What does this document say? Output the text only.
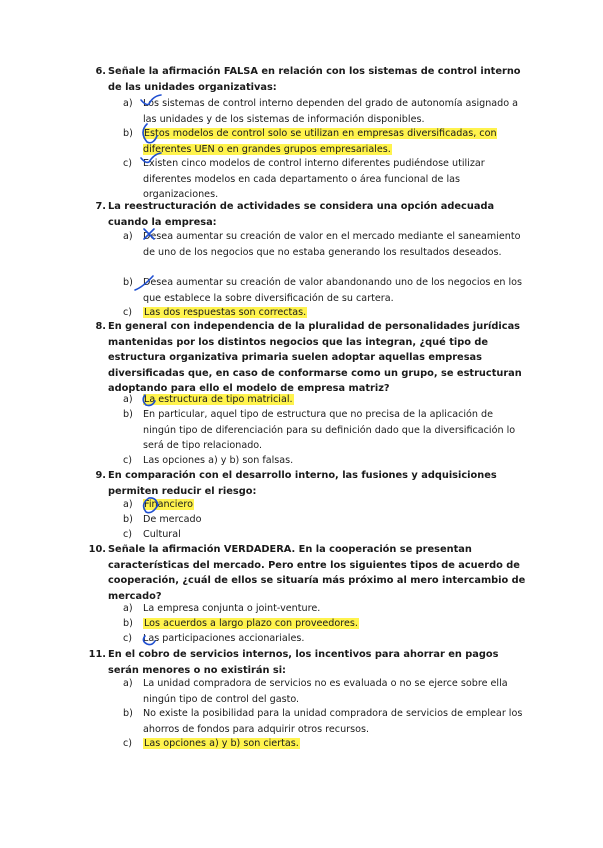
6. Señale la afirmación FALSA en relación con los sistemas de control interno de las unidades organizativas:
a) Los sistemas de control interno dependen del grado de autonomía asignado a las unidades y de los sistemas de información disponibles.
b) Estos modelos de control solo se utilizan en empresas diversificadas, con diferentes UEN o en grandes grupos empresariales.
c) Existen cinco modelos de control interno diferentes pudiéndose utilizar diferentes modelos en cada departamento o área funcional de las organizaciones.
7. La reestructuración de actividades se considera una opción adecuada cuando la empresa:
a) Desea aumentar su creación de valor en el mercado mediante el saneamiento de uno de los negocios que no estaba generando los resultados deseados.
b) Desea aumentar su creación de valor abandonando uno de los negocios en los que establece la sobre diversificación de su cartera.
c) Las dos respuestas son correctas.
8. En general con independencia de la pluralidad de personalidades jurídicas mantenidas por los distintos negocios que las integran, ¿qué tipo de estructura organizativa primaria suelen adoptar aquellas empresas diversificadas que, en caso de conformarse como un grupo, se estructuran adoptando para ello el modelo de empresa matriz?
a) La estructura de tipo matricial.
b) En particular, aquel tipo de estructura que no precisa de la aplicación de ningún tipo de diferenciación para su definición dado que la diversificación lo será de tipo relacionado.
c) Las opciones a) y b) son falsas.
9. En comparación con el desarrollo interno, las fusiones y adquisiciones permiten reducir el riesgo:
a) Financiero
b) De mercado
c) Cultural
10. Señale la afirmación VERDADERA. En la cooperación se presentan características del mercado. Pero entre los siguientes tipos de acuerdo de cooperación, ¿cuál de ellos se situaría más próximo al mero intercambio de mercado?
a) La empresa conjunta o joint-venture.
b) Los acuerdos a largo plazo con proveedores.
c) Las participaciones accionariales.
11. En el cobro de servicios internos, los incentivos para ahorrar en pagos serán menores o no existirán si:
a) La unidad compradora de servicios no es evaluada o no se ejerce sobre ella ningún tipo de control del gasto.
b) No existe la posibilidad para la unidad compradora de servicios de emplear los ahorros de fondos para adquirir otros recursos.
c) Las opciones a) y b) son ciertas.
